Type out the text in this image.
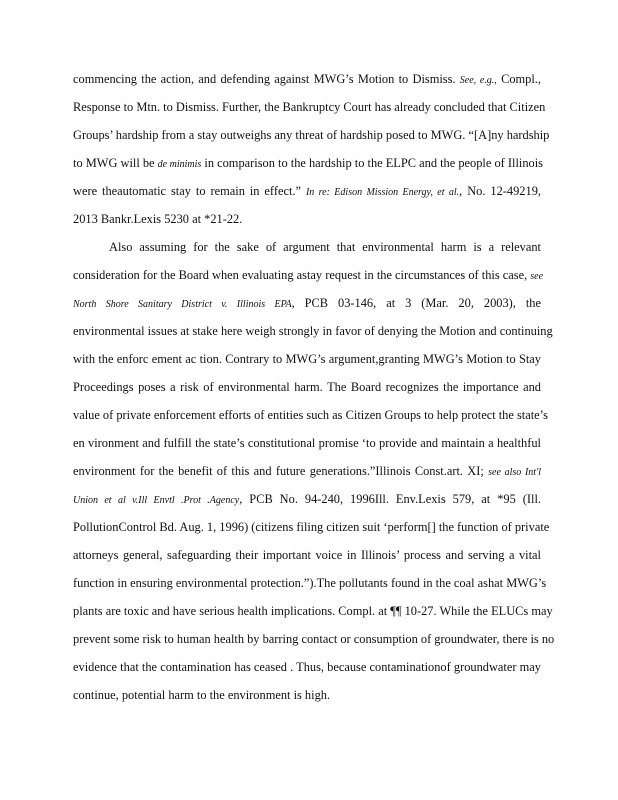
commencing the action, and defending against MWG’s Motion to Dismiss. See, e.g., Compl.,
Response to Mtn. to Dismiss. Further, the Bankruptcy Court has already concluded that Citizen
Groups’ hardship from a stay outweighs any threat of hardship posed to MWG. “[A]ny hardship
to MWG will be de minimis in comparison to the hardship to the ELPC and the people of Illinois
were theautomatic stay to remain in effect.” In re: Edison Mission Energy, et al., No. 12-49219,
2013 Bankr.Lexis 5230 at *21-22.
Also assuming for the sake of argument that environmental harm is a relevant
consideration for the Board when evaluating astay request in the circumstances of this case, see
North Shore Sanitary District v. Illinois EPA, PCB 03-146, at 3 (Mar. 20, 2003), the
environmental issues at stake here weigh strongly in favor of denying the Motion and continuing
with the enforc ement ac tion. Contrary to MWG’s argument,granting MWG’s Motion to Stay
Proceedings poses a risk of environmental harm. The Board recognizes the importance and
value of private enforcement efforts of entities such as Citizen Groups to help protect the state’s
en vironment and fulfill the state’s constitutional promise ‘to provide and maintain a healthful
environment for the benefit of this and future generations.”Illinois Const.art. XI; see also Int'l
Union et al v.Ill Envtl .Prot .Agency, PCB No. 94-240, 1996Ill. Env.Lexis 579, at *95 (Ill.
PollutionControl Bd. Aug. 1, 1996) (citizens filing citizen suit ‘perform[] the function of private
attorneys general, safeguarding their important voice in Illinois’ process and serving a vital
function in ensuring environmental protection.”).The pollutants found in the coal ashat MWG’s
plants are toxic and have serious health implications. Compl. at ¶¶ 10-27. While the ELUCs may
prevent some risk to human health by barring contact or consumption of groundwater, there is no
evidence that the contamination has ceased . Thus, because contaminationof groundwater may
continue, potential harm to the environment is high.
